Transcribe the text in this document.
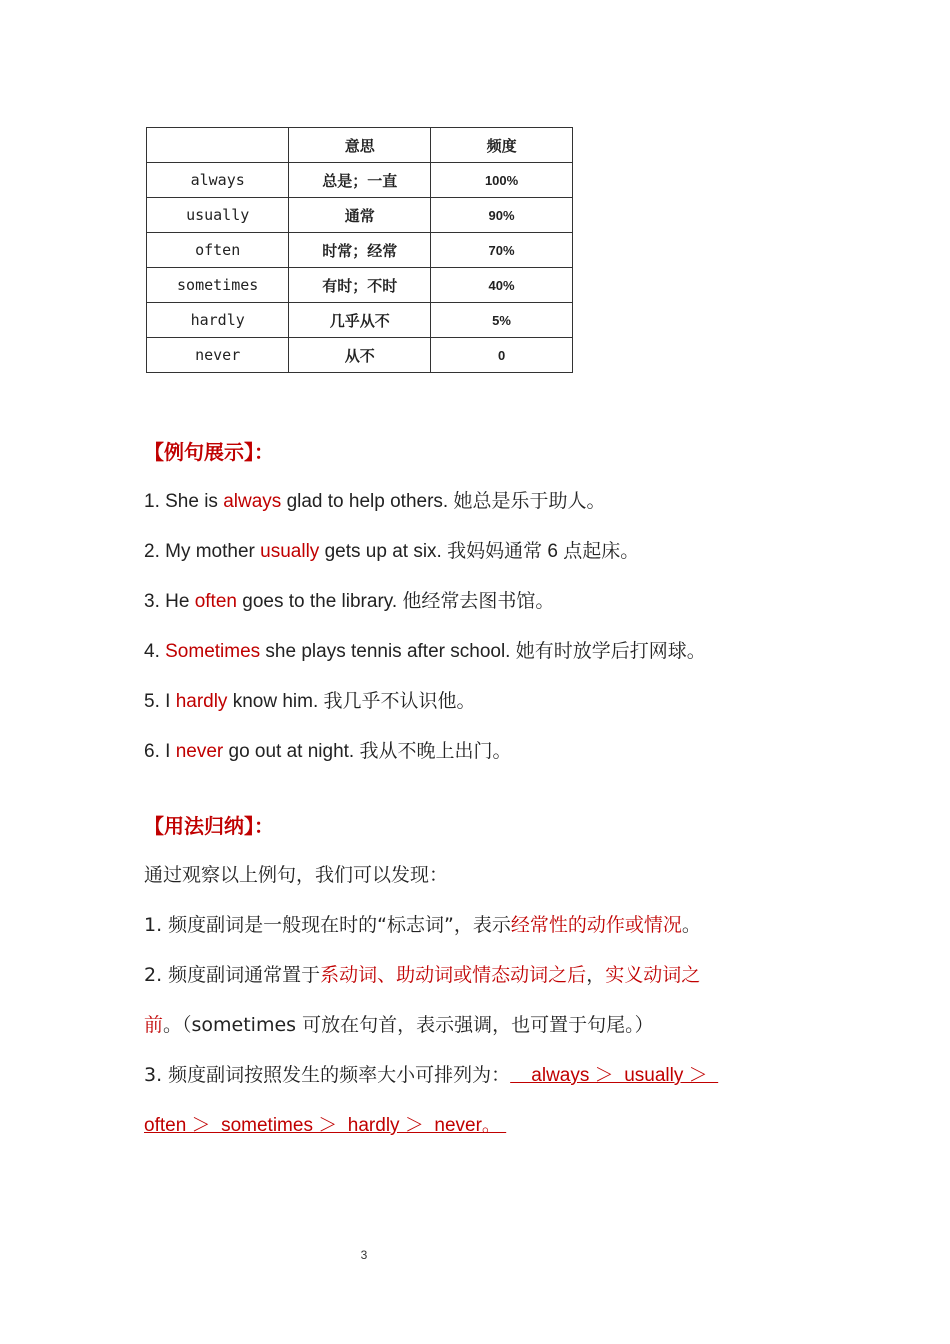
	意思	频度
always	总是；一直	100%
usually	通常	90%
often	时常；经常	70%
sometimes	有时；不时	40%
hardly	几乎从不	5%
never	从不	0
【例句展示】：
1. She is always glad to help others. 她总是乐于助人。
2. My mother usually gets up at six. 我妈妈通常 6 点起床。
3. He often goes to the library. 他经常去图书馆。
4. Sometimes she plays tennis after school. 她有时放学后打网球。
5. I hardly know him. 我几乎不认识他。
6. I never go out at night. 我从不晚上出门。
【用法归纳】：
通过观察以上例句，我们可以发现：
1. 频度副词是一般现在时的“标志词”，表示经常性的动作或情况。
2. 频度副词通常置于系动词、助动词或情态动词之后，实义动词之
前。（sometimes 可放在句首，表示强调，也可置于句尾。）
3. 频度副词按照发生的频率大小可排列为：    always ＞  usually ＞
often ＞  sometimes ＞  hardly ＞  never。
3
